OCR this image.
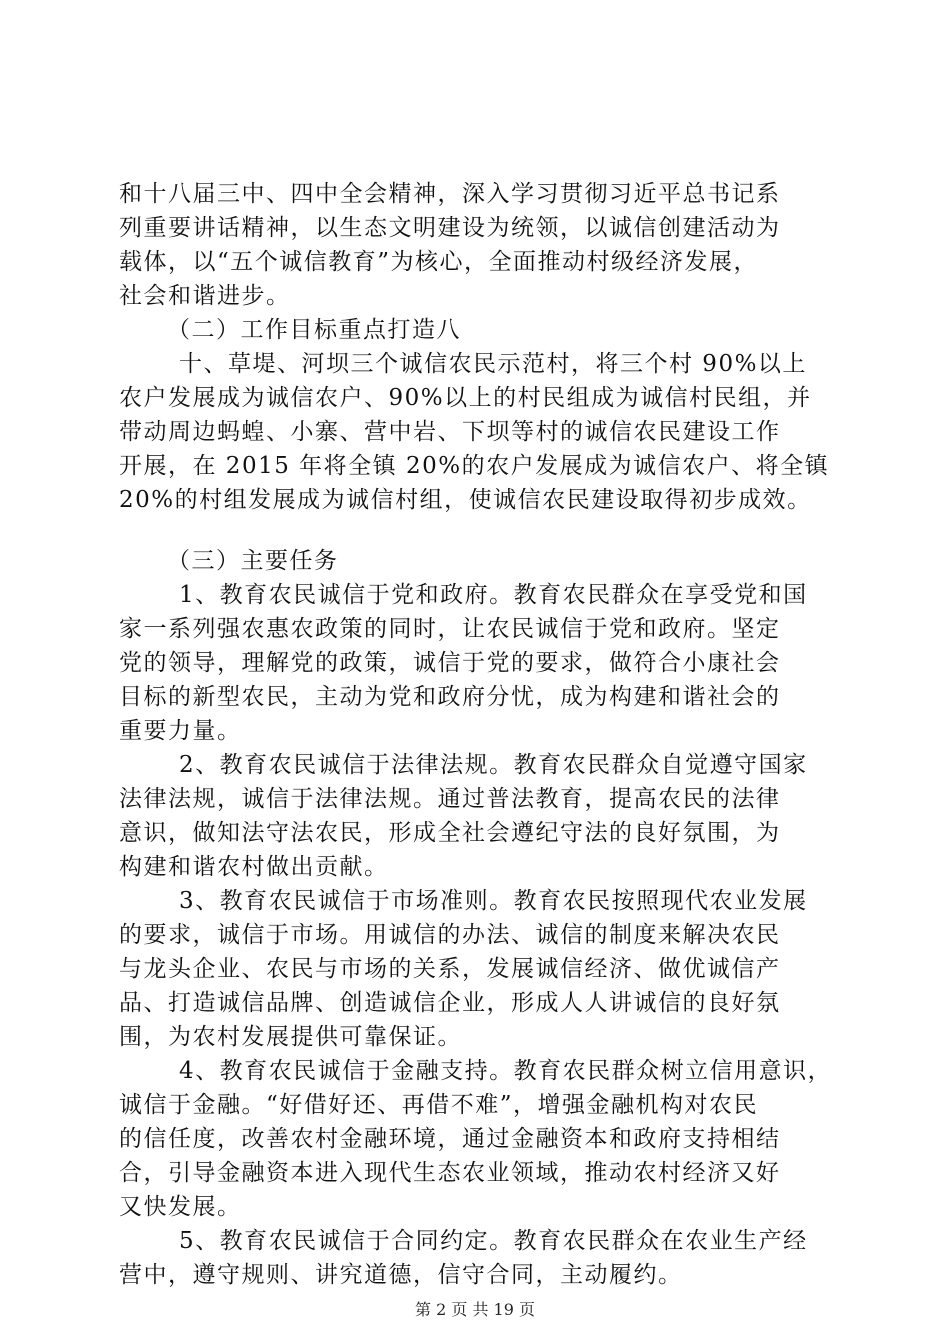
和十八届三中、四中全会精神，深入学习贯彻习近平总书记系
列重要讲话精神，以生态文明建设为统领，以诚信创建活动为
载体，以“五个诚信教育”为核心，全面推动村级经济发展，
社会和谐进步。
（二）工作目标重点打造八
十、草堤、河坝三个诚信农民示范村，将三个村 90%以上
农户发展成为诚信农户、90%以上的村民组成为诚信村民组，并
带动周边蚂蝗、小寨、营中岩、下坝等村的诚信农民建设工作
开展，在 2015 年将全镇 20%的农户发展成为诚信农户、将全镇
20%的村组发展成为诚信村组，使诚信农民建设取得初步成效。
（三）主要任务
1、教育农民诚信于党和政府。教育农民群众在享受党和国
家一系列强农惠农政策的同时，让农民诚信于党和政府。坚定
党的领导，理解党的政策，诚信于党的要求，做符合小康社会
目标的新型农民，主动为党和政府分忧，成为构建和谐社会的
重要力量。
2、教育农民诚信于法律法规。教育农民群众自觉遵守国家
法律法规，诚信于法律法规。通过普法教育，提高农民的法律
意识，做知法守法农民，形成全社会遵纪守法的良好氛围，为
构建和谐农村做出贡献。
3、教育农民诚信于市场准则。教育农民按照现代农业发展
的要求，诚信于市场。用诚信的办法、诚信的制度来解决农民
与龙头企业、农民与市场的关系，发展诚信经济、做优诚信产
品、打造诚信品牌、创造诚信企业，形成人人讲诚信的良好氛
围，为农村发展提供可靠保证。
4、教育农民诚信于金融支持。教育农民群众树立信用意识，
诚信于金融。“好借好还、再借不难”，增强金融机构对农民
的信任度，改善农村金融环境，通过金融资本和政府支持相结
合，引导金融资本进入现代生态农业领域，推动农村经济又好
又快发展。
5、教育农民诚信于合同约定。教育农民群众在农业生产经
营中，遵守规则、讲究道德，信守合同，主动履约。
第 2 页 共 19 页
